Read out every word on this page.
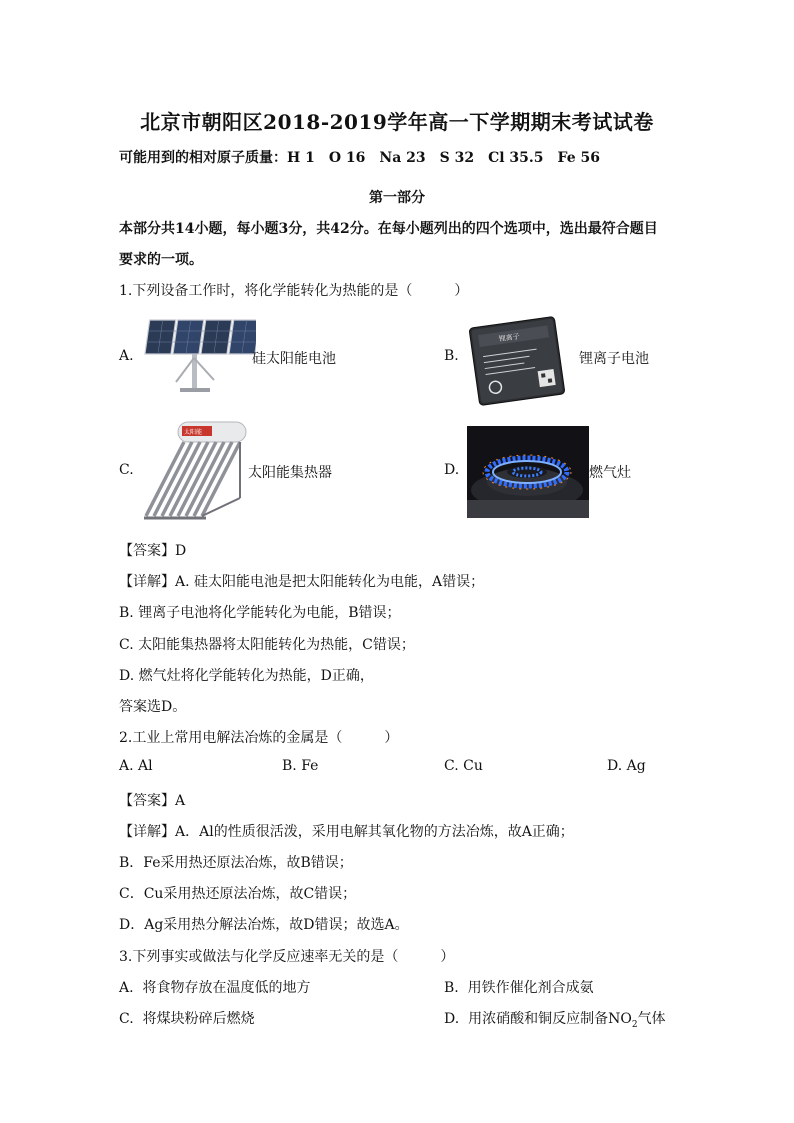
北京市朝阳区2018-2019学年高一下学期期末考试试卷
可能用到的相对原子质量：H 1　O 16　Na 23　S 32　Cl 35.5　Fe 56
第一部分
本部分共14小题，每小题3分，共42分。在每小题列出的四个选项中，选出最符合题目
要求的一项。
1.下列设备工作时，将化学能转化为热能的是（　　　）
A.	硅太阳能电池	B.
锂离子
锂离子电池
C.
太阳能
太阳能集热器	D.	燃气灶
【答案】D
【详解】A. 硅太阳能电池是把太阳能转化为电能，A错误；
B. 锂离子电池将化学能转化为电能，B错误；
C. 太阳能集热器将太阳能转化为热能，C错误；
D. 燃气灶将化学能转化为热能，D正确，
答案选D。
2.工业上常用电解法冶炼的金属是（　　　）
A. Al	B. Fe	C. Cu	D. Ag
【答案】A
【详解】A．Al的性质很活泼，采用电解其氧化物的方法冶炼，故A正确；
B．Fe采用热还原法冶炼，故B错误；
C．Cu采用热还原法冶炼，故C错误；
D．Ag采用热分解法冶炼，故D错误；故选A。
3.下列事实或做法与化学反应速率无关的是（　　　）
A. 将食物存放在温度低的地方	B. 用铁作催化剂合成氨
C. 将煤块粉碎后燃烧	D. 用浓硝酸和铜反应制备$NO_2$气体
